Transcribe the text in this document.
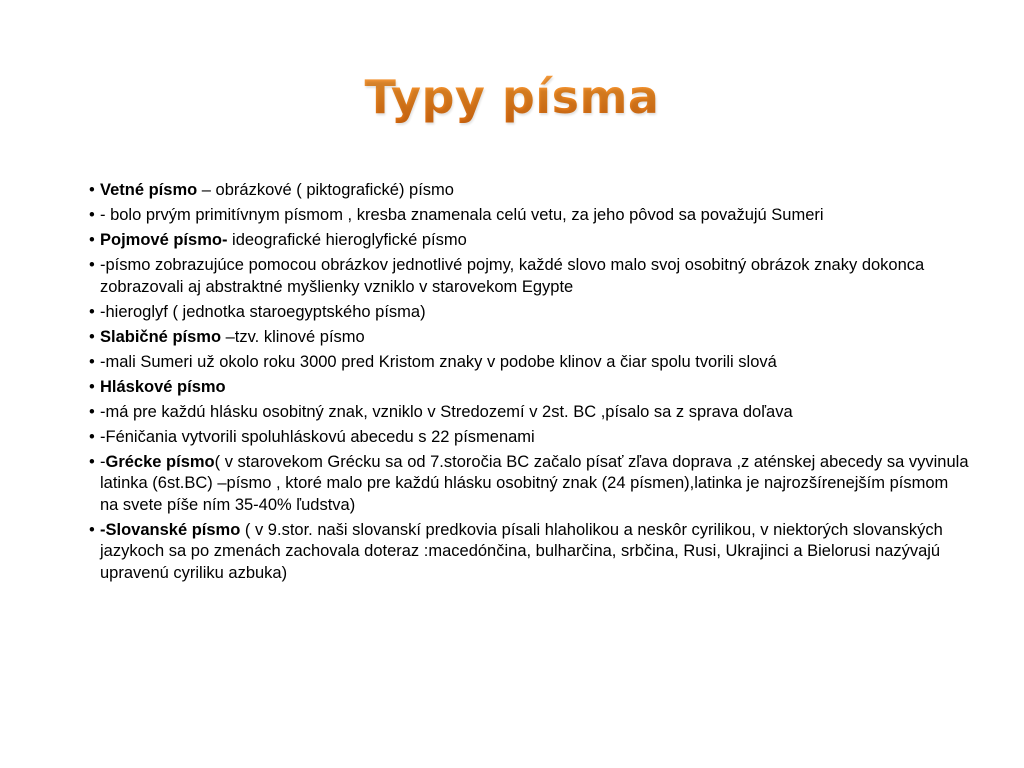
Typy písma
• Vetné písmo – obrázkové ( piktografické) písmo
• - bolo prvým primitívnym písmom , kresba znamenala celú vetu, za jeho pôvod sa považujú Sumeri
• Pojmové písmo- ideografické hieroglyfické písmo
• -písmo zobrazujúce pomocou obrázkov jednotlivé pojmy, každé slovo malo svoj osobitný obrázok znaky dokonca zobrazovali aj abstraktné myšlienky vzniklo v starovekom Egypte
• -hieroglyf ( jednotka staroegyptského písma)
• Slabičné písmo –tzv. klinové písmo
• -mali Sumeri už okolo roku 3000 pred Kristom znaky v podobe klinov a čiar spolu tvorili slová
• Hláskové písmo
• -má pre každú hlásku osobitný znak, vzniklo v Stredozemí v 2st. BC ,písalo sa z sprava doľava
• -Féničania vytvorili spoluhláskovú abecedu s 22 písmenami
• -Grécke písmo( v starovekom Grécku sa od 7.storočia BC začalo písať zľava doprava ,z aténskej abecedy sa vyvinula latinka (6st.BC) –písmo , ktoré malo pre každú hlásku osobitný znak (24 písmen),latinka je najrozšírenejším písmom na svete píše ním 35-40% ľudstva)
• -Slovanské písmo ( v 9.stor. naši slovanskí predkovia písali hlaholikou a neskôr cyrilikou, v niektorých slovanských jazykoch sa po zmenách zachovala doteraz :macedónčina, bulharčina, srbčina, Rusi, Ukrajinci a Bielorusi nazývajú upravenú cyriliku azbuka)
